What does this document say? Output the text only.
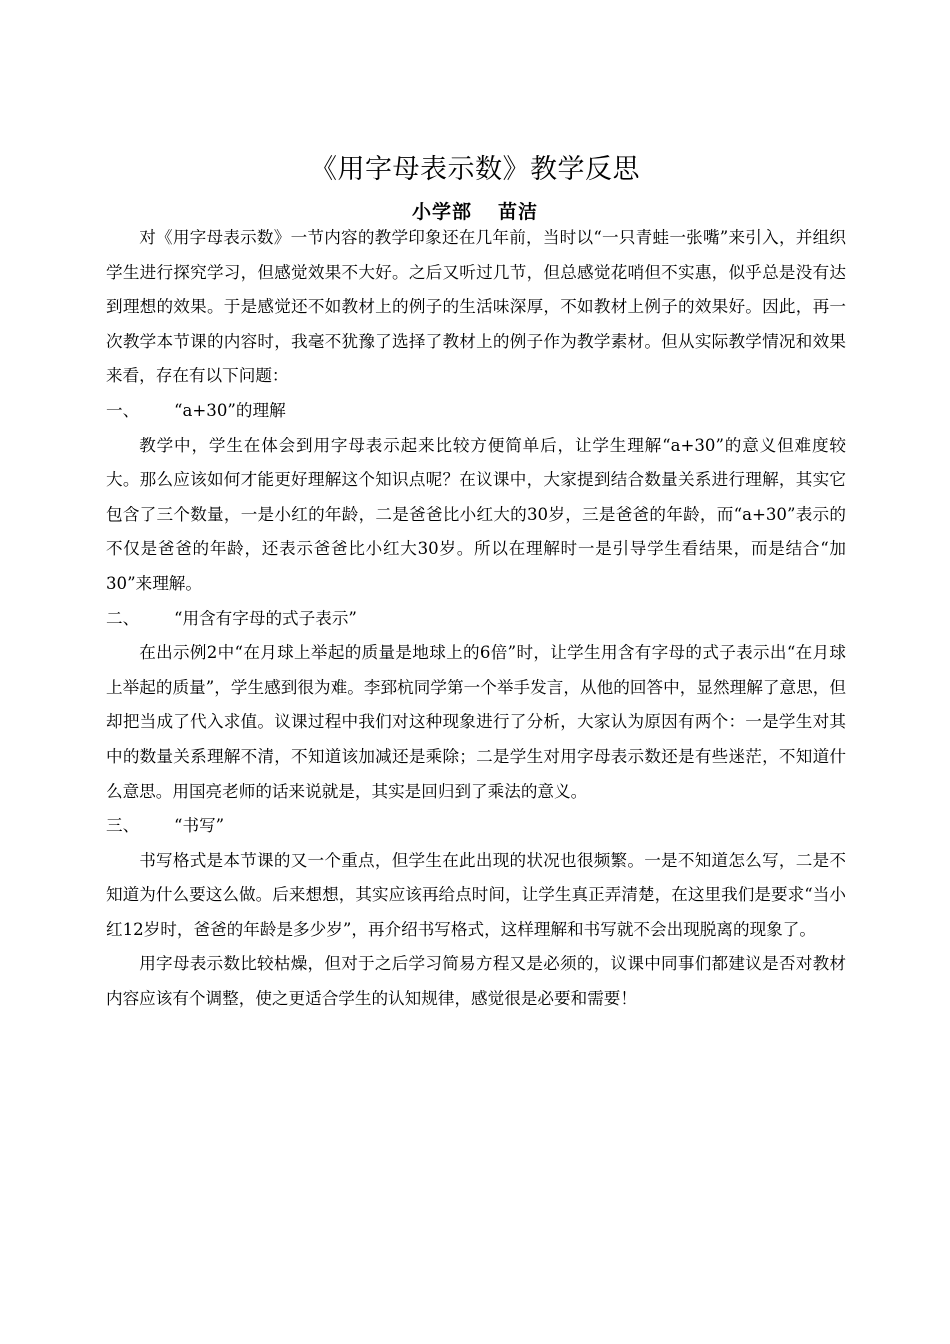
《用字母表示数》教学反思
小学部 苗洁

对《用字母表示数》一节内容的教学印象还在几年前，当时以“一只青蛙一张嘴”来引入，并组织学生进行探究学习，但感觉效果不大好。之后又听过几节，但总感觉花哨但不实惠，似乎总是没有达到理想的效果。于是感觉还不如教材上的例子的生活味深厚，不如教材上例子的效果好。因此，再一次教学本节课的内容时，我毫不犹豫了选择了教材上的例子作为教学素材。但从实际教学情况和效果来看，存在有以下问题：

一、 “a+30”的理解

教学中，学生在体会到用字母表示起来比较方便简单后，让学生理解“a+30”的意义但难度较大。那么应该如何才能更好理解这个知识点呢？在议课中，大家提到结合数量关系进行理解，其实它包含了三个数量，一是小红的年龄，二是爸爸比小红大的30岁，三是爸爸的年龄，而“a+30”表示的不仅是爸爸的年龄，还表示爸爸比小红大30岁。所以在理解时一是引导学生看结果，而是结合“加30”来理解。

二、 “用含有字母的式子表示”

在出示例2中“在月球上举起的质量是地球上的6倍”时，让学生用含有字母的式子表示出“在月球 上举起的质量”，学生感到很为难。李郅杭同学第一个举手发言，从他的回答中，显然理解了意思，但却把当成了代入求值。议课过程中我们对这种现象进行了分析，大家认为原因有两个：一是学生对其中的数量关系理解不清，不知道该加减还是乘除；二是学生对用字母表示数还是有些迷茫，不知道什么意思。用国亮老师的话来说就是，其实是回归到了乘法的意义。

三、 “书写”

书写格式是本节课的又一个重点，但学生在此出现的状况也很频繁。一是不知道怎么写，二是不知道为什么要这么做。后来想想，其实应该再给点时间，让学生真正弄清楚，在这里我们是要求“当小红12岁时，爸爸的年龄是多少岁”，再介绍书写格式，这样理解和书写就不会出现脱离的现象了。

用字母表示数比较枯燥，但对于之后学习简易方程又是必须的，议课中同事们都建议是否对教材内容应该有个调整，使之更适合学生的认知规律，感觉很是必要和需要！
